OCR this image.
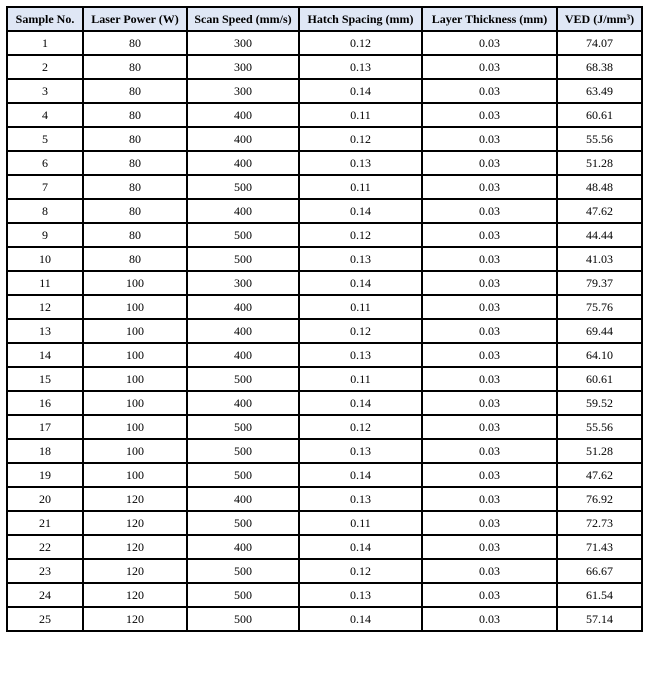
Sample No.	Laser Power (W)	Scan Speed (mm/s)	Hatch Spacing (mm)	Layer Thickness (mm)	VED (J/mm³)
1	80	300	0.12	0.03	74.07
2	80	300	0.13	0.03	68.38
3	80	300	0.14	0.03	63.49
4	80	400	0.11	0.03	60.61
5	80	400	0.12	0.03	55.56
6	80	400	0.13	0.03	51.28
7	80	500	0.11	0.03	48.48
8	80	400	0.14	0.03	47.62
9	80	500	0.12	0.03	44.44
10	80	500	0.13	0.03	41.03
11	100	300	0.14	0.03	79.37
12	100	400	0.11	0.03	75.76
13	100	400	0.12	0.03	69.44
14	100	400	0.13	0.03	64.10
15	100	500	0.11	0.03	60.61
16	100	400	0.14	0.03	59.52
17	100	500	0.12	0.03	55.56
18	100	500	0.13	0.03	51.28
19	100	500	0.14	0.03	47.62
20	120	400	0.13	0.03	76.92
21	120	500	0.11	0.03	72.73
22	120	400	0.14	0.03	71.43
23	120	500	0.12	0.03	66.67
24	120	500	0.13	0.03	61.54
25	120	500	0.14	0.03	57.14
